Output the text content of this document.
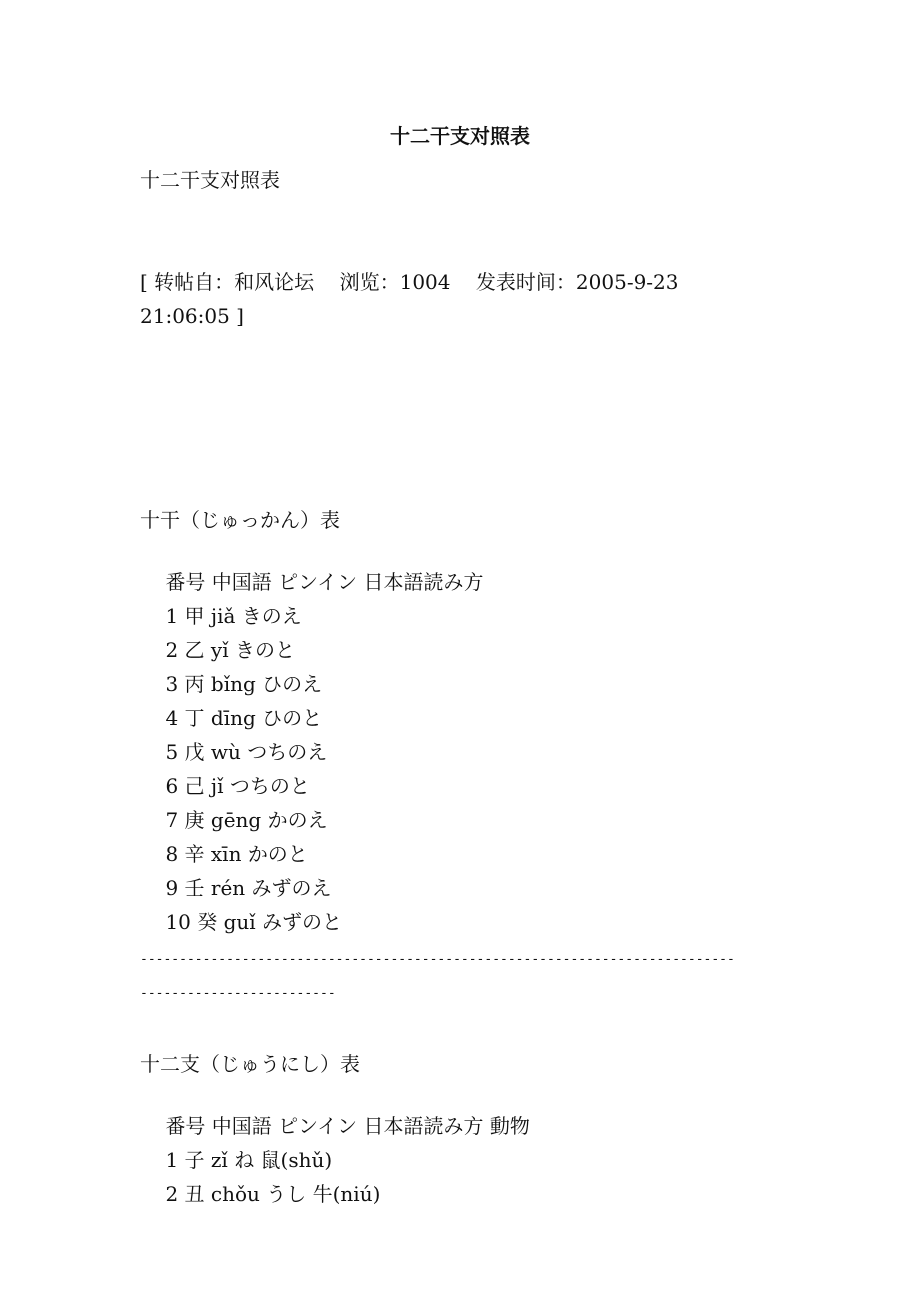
十二干支对照表

十二干支对照表

[ 转帖自：和风论坛    浏览：1004    发表时间：2005-9-23

21:06:05 ]

十干（じゅっかん）表

番号 中国語 ピンイン 日本語読み方

1 甲 jiǎ きのえ

2 乙 yǐ きのと

3 丙 bǐng ひのえ

4 丁 dīng ひのと

5 戊 wù つちのえ

6 己 jǐ つちのと

7 庚 gēng かのえ

8 辛 xīn かのと

9 壬 rén みずのえ

10 癸 guǐ みずのと

----------------------------------------------------------------------------
-------------------------

十二支（じゅうにし）表

番号 中国語 ピンイン 日本語読み方 動物

1 子 zǐ ね 鼠(shǔ)

2 丑 chǒu うし 牛(niú)
